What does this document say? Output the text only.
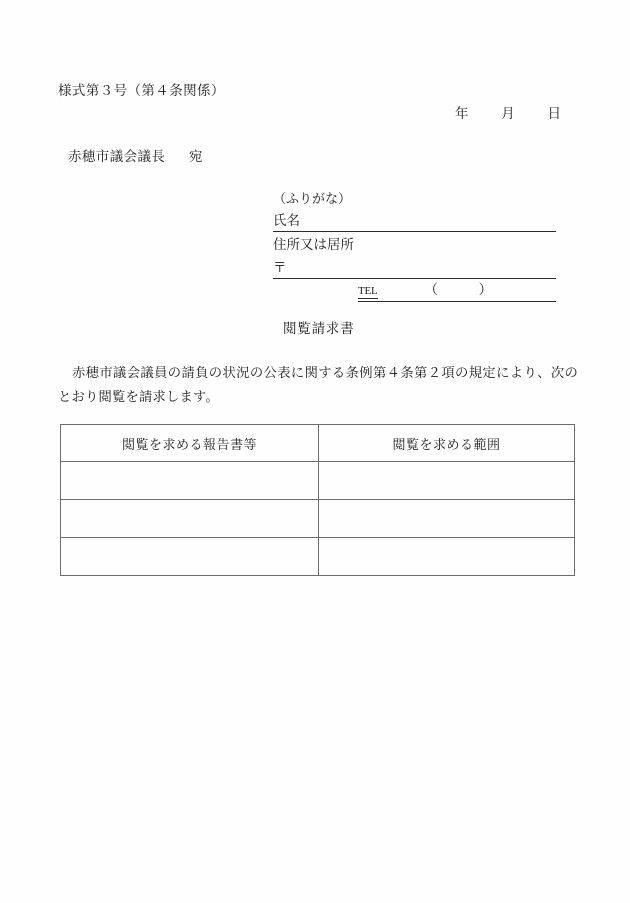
様式第３号（第４条関係）
年 月 日
赤穂市議会議長 宛
（ふりがな）
氏名
住所又は居所
〒
TEL	（	）
閲覧請求書
赤穂市議会議員の請負の状況の公表に関する条例第４条第２項の規定により、次のとおり閲覧を請求します。
閲覧を求める報告書等	閲覧を求める範囲
